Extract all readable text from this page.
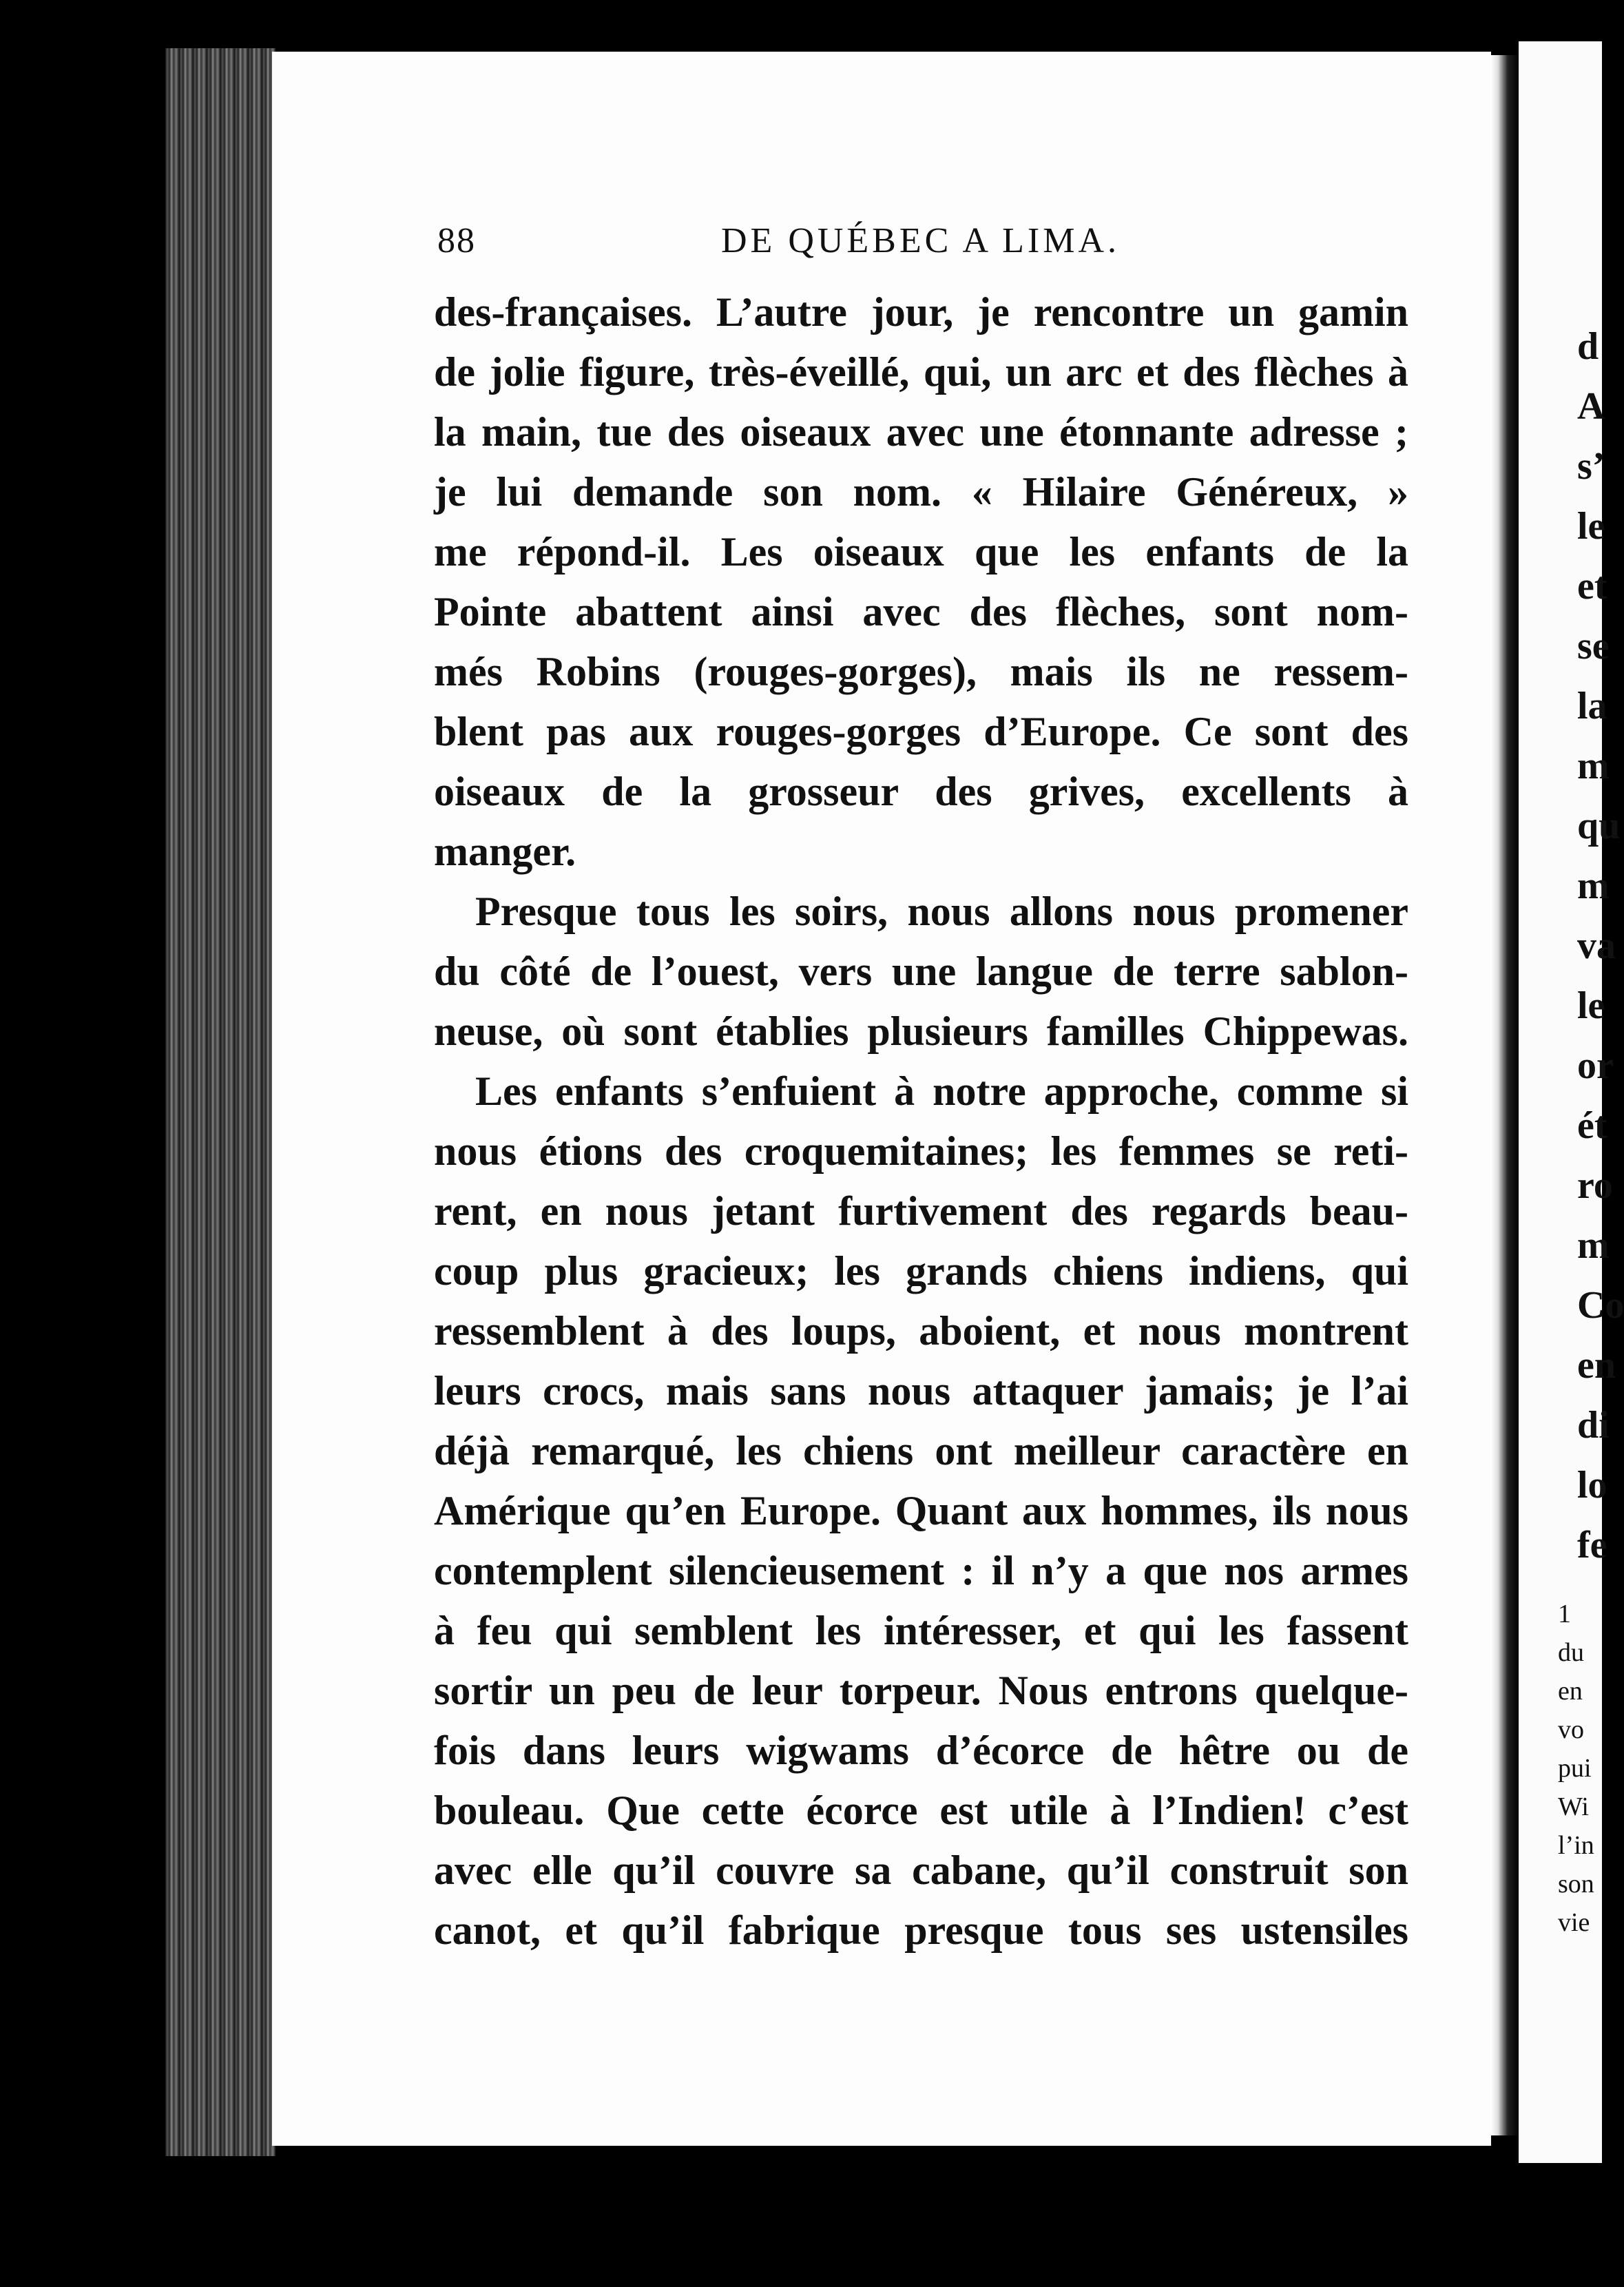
88	DE QUÉBEC A LIMA.
des-françaises. L’autre jour, je rencontre un gamin
de jolie figure, très-éveillé, qui, un arc et des flèches à
la main, tue des oiseaux avec une étonnante adresse ;
je lui demande son nom. « Hilaire Généreux, »
me répond-il. Les oiseaux que les enfants de la
Pointe abattent ainsi avec des flèches, sont nom-
més Robins (rouges-gorges), mais ils ne ressem-
blent pas aux rouges-gorges d’Europe. Ce sont des
oiseaux de la grosseur des grives, excellents à
manger.
Presque tous les soirs, nous allons nous promener
du côté de l’ouest, vers une langue de terre sablon-
neuse, où sont établies plusieurs familles Chippewas.
Les enfants s’enfuient à notre approche, comme si
nous étions des croquemitaines; les femmes se reti-
rent, en nous jetant furtivement des regards beau-
coup plus gracieux; les grands chiens indiens, qui
ressemblent à des loups, aboient, et nous montrent
leurs crocs, mais sans nous attaquer jamais; je l’ai
déjà remarqué, les chiens ont meilleur caractère en
Amérique qu’en Europe. Quant aux hommes, ils nous
contemplent silencieusement : il n’y a que nos armes
à feu qui semblent les intéresser, et qui les fassent
sortir un peu de leur torpeur. Nous entrons quelque-
fois dans leurs wigwams d’écorce de hêtre ou de
bouleau. Que cette écorce est utile à l’Indien! c’est
avec elle qu’il couvre sa cabane, qu’il construit son
canot, et qu’il fabrique presque tous ses ustensiles
d
A
s’
le
et
se
la
m
qu
m
va
le
or
ét
ro
m
Co
en
di
lo
fe
1
du
en
vo
pui
Wi
l’in
son
vie
